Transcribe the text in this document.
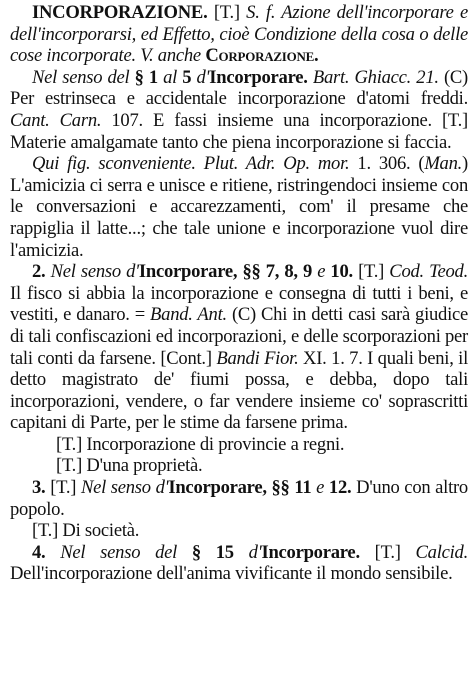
INCORPORAZIONE. [T.] S. f. Azione dell'incorporare e dell'incorporarsi, ed Effetto, cioè Condizione della cosa o delle cose incorporate. V. anche Corporazione.

Nel senso del § 1 al 5 d'Incorporare. Bart. Ghiacc. 21. (C) Per estrinseca e accidentale incorporazione d'atomi freddi. Cant. Carn. 107. E fassi insieme una incorporazione. [T.] Materie amalgamate tanto che piena incorporazione si faccia.

Qui fig. sconveniente. Plut. Adr. Op. mor. 1. 306. (Man.) L'amicizia ci serra e unisce e ritiene, ristringendoci insieme con le conversazioni e accarezzamenti, com' il presame che rappiglia il latte...; che tale unione e incorporazione vuol dire l'amicizia.

2. Nel senso d'Incorporare, §§ 7, 8, 9 e 10. [T.] Cod. Teod. Il fisco si abbia la incorporazione e consegna di tutti i beni, e vestiti, e danaro. = Band. Ant. (C) Chi in detti casi sarà giudice di tali confiscazioni ed incorporazioni, e delle scorporazioni per tali conti da farsene. [Cont.] Bandi Fior. XI. 1. 7. I quali beni, il detto magistrato de' fiumi possa, e debba, dopo tali incorporazioni, vendere, o far vendere insieme co' soprascritti capitani di Parte, per le stime da farsene prima.

[T.] Incorporazione di provincie a regni.

[T.] D'una proprietà.

3. [T.] Nel senso d'Incorporare, §§ 11 e 12. D'uno con altro popolo.

[T.] Di società.

4. Nel senso del § 15 d'Incorporare. [T.] Calcid. Dell'incorporazione dell'anima vivificante il mondo sensibile.
